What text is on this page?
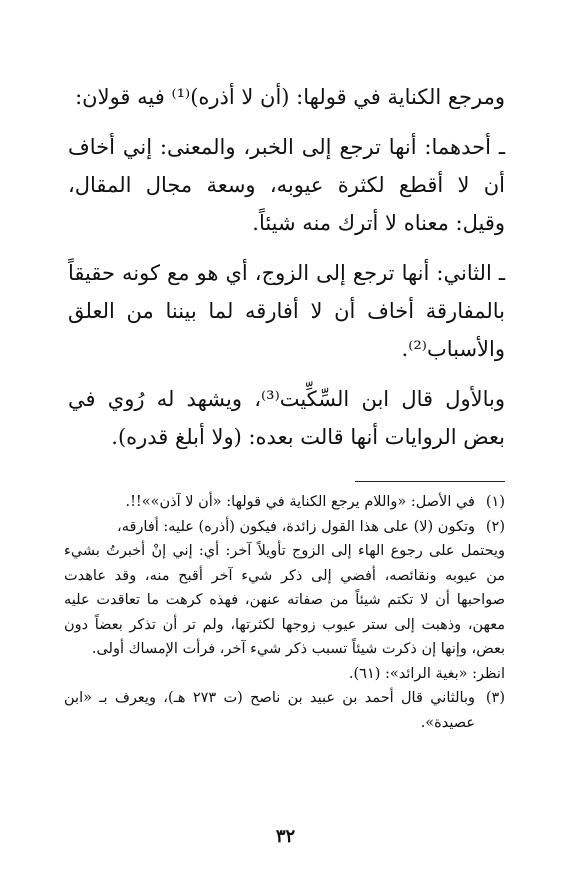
ومرجع الكناية في قولها: (أن لا أذره)⁽¹⁾ فيه قولان:

ـ أحدهما: أنها ترجع إلى الخبر، والمعنى: إني أخاف أن لا أقطع لكثرة عيوبه، وسعة مجال المقال، وقيل: معناه لا أترك منه شيئاً.

ـ الثاني: أنها ترجع إلى الزوج، أي هو مع كونه حقيقاً بالمفارقة أخاف أن لا أفارقه لما بيننا من العلق والأسباب⁽²⁾.

وبالأول قال ابن السِّكِّيت⁽³⁾، ويشهد له رُوي في بعض الروايات أنها قالت بعده: (ولا أبلغ قدره).

(١)
في الأصل: «واللام يرجع الكناية في قولها: «أن لا آذن»»!!.
(٢)
وتكون (لا) على هذا القول زائدة، فيكون (أذره) عليه: أفارقه،
ويحتمل على رجوع الهاء إلى الزوج تأويلاً آخر: أي: إني إنْ أخبرتُ بشيء من عيوبه ونقائصه، أفضي إلى ذكر شيء آخر أقبح منه، وقد عاهدت صواحبها أن لا تكتم شيئاً من صفاته عنهن، فهذه كرهت ما تعاقدت عليه معهن، وذهبت إلى ستر عيوب زوجها لكثرتها، ولم تر أن تذكر بعضاً دون بعض، وإنها إن ذكرت شيئاً تسبب ذكر شيء آخر، فرأت الإمساك أولى.
انظر: «بغية الرائد»: (٦١).
(٣)
وبالثاني قال أحمد بن عبيد بن ناصح (ت ٢٧٣ هـ)، ويعرف بـ «ابن عصيدة».
٣٢
